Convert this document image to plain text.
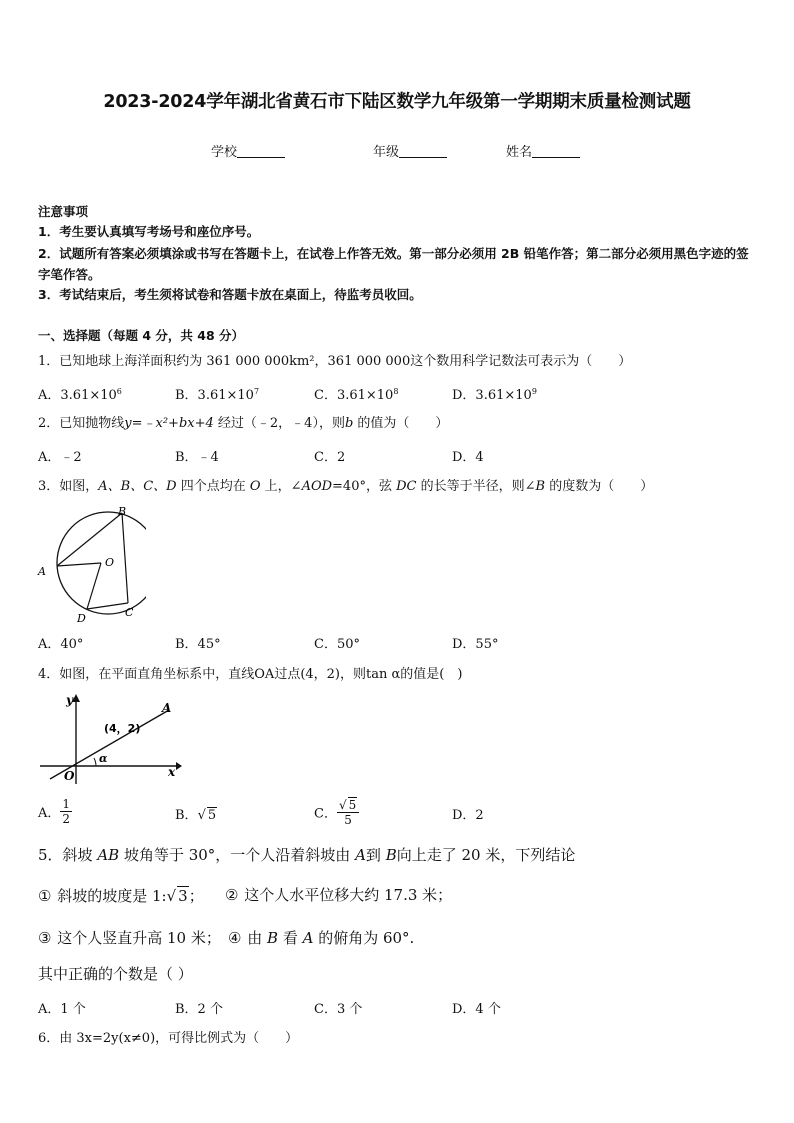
2023-2024学年湖北省黄石市下陆区数学九年级第一学期期末质量检测试题
学校	年级	姓名
注意事项
1．考生要认真填写考场号和座位序号。
2．试题所有答案必须填涂或书写在答题卡上，在试卷上作答无效。第一部分必须用 2B 铅笔作答；第二部分必须用黑色字迹的签字笔作答。
3．考试结束后，考生须将试卷和答题卡放在桌面上，待监考员收回。
一、选择题（每题 4 分，共 48 分）
1．已知地球上海洋面积约为 361 000 000km²，361 000 000这个数用科学记数法可表示为（　　）
A．$3.61\times 10^6$	B．$3.61\times 10^7$	C．$3.61\times 10^8$	D．$3.61\times 10^9$
2．已知抛物线y=﹣x²+bx+4 经过（﹣2，﹣4），则b 的值为（　　）
A．﹣2	B．﹣4	C．2	D．4
3．如图，A、B、C、D 四个点均在 O 上，∠AOD=40°，弦 DC 的长等于半径，则∠B 的度数为（　　）
B
A
O
D	C
A．40°	B．45°	C．50°	D．55°
4．如图，在平面直角坐标系中，直线OA过点(4，2)，则tan α的值是(　)
y
x
O
A
(4，2)
α
A． $\frac{1}{2}$	B．√ 5	C． $\frac{√ 5}{5}$	D．2
5．斜坡 AB 坡角等于 30°，一个人沿着斜坡由 A到 B向上走了 20 米，下列结论
① 斜坡的坡度是 1:√ 3； ② 这个人水平位移大约 17.3 米；
③ 这个人竖直升高 10 米； ④ 由 B 看 A 的俯角为 60°.
其中正确的个数是（ ）
A．1 个	B．2 个	C．3 个	D．4 个
6．由 3x=2y(x≠0)，可得比例式为（　　）
